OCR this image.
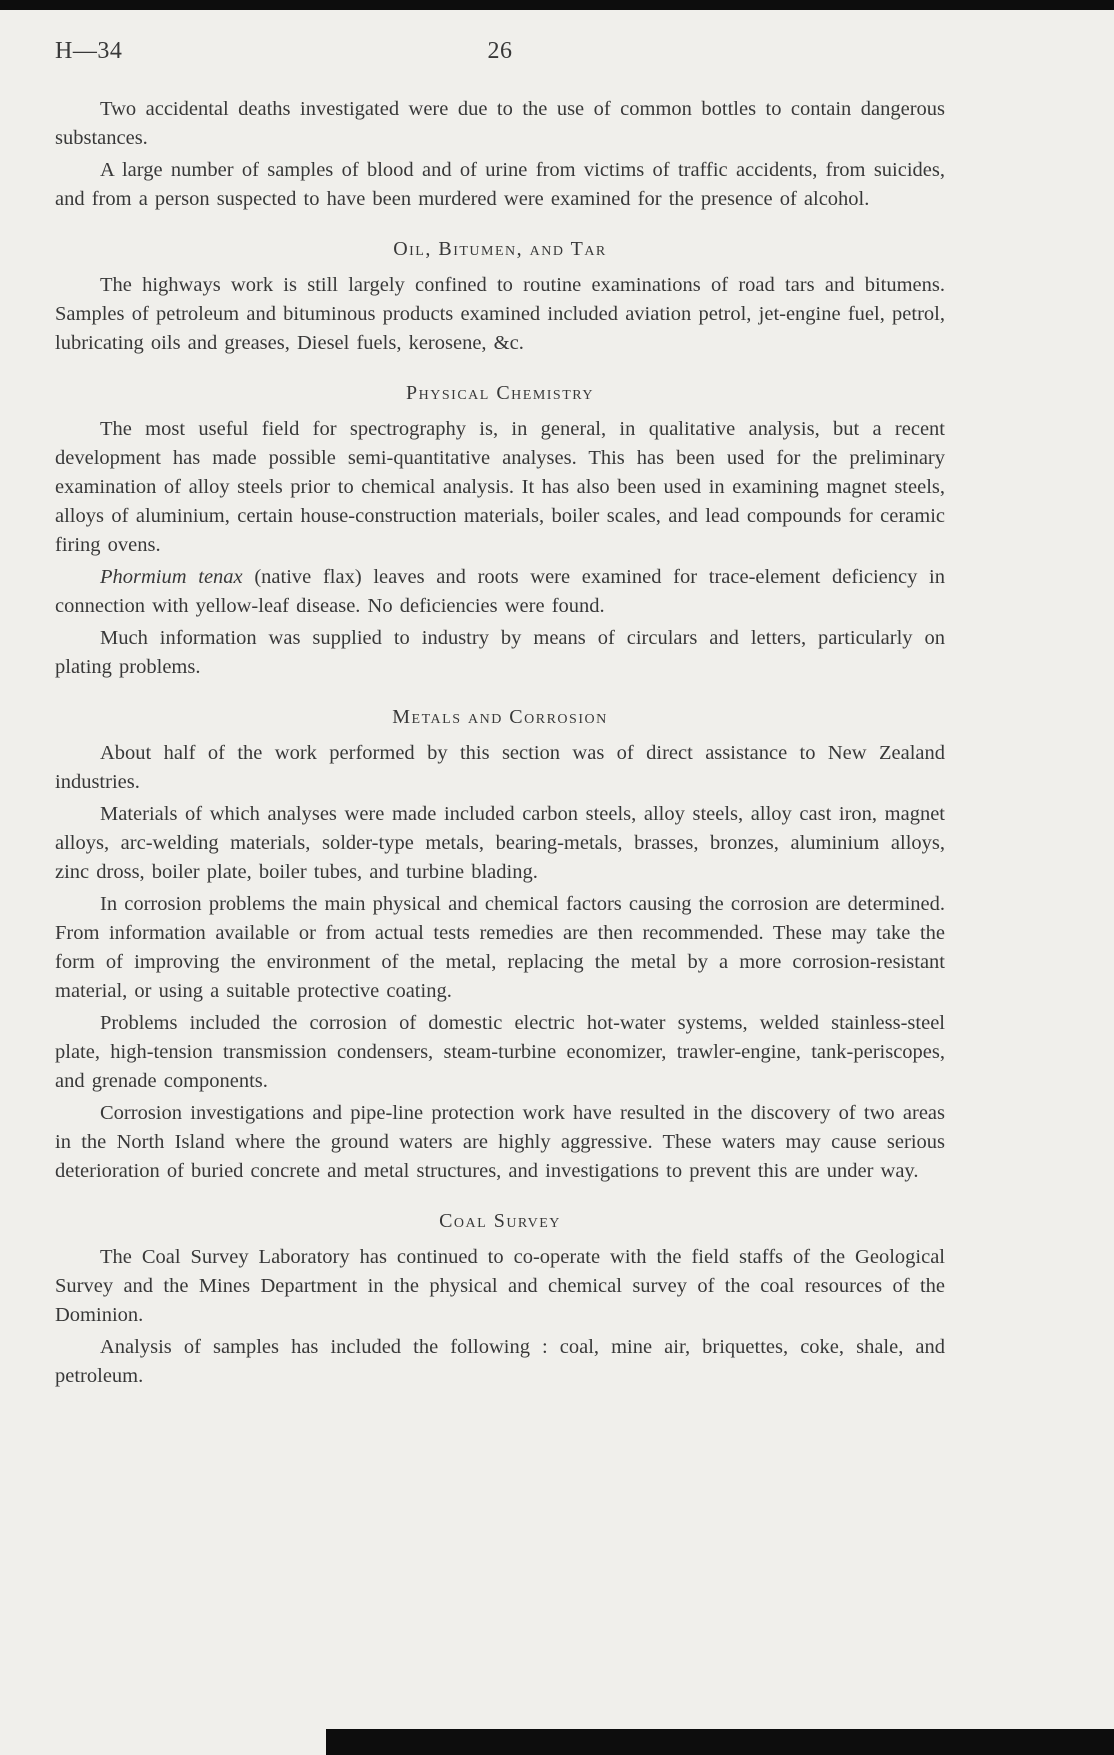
H—34	26

Two accidental deaths investigated were due to the use of common bottles to contain dangerous substances.

A large number of samples of blood and of urine from victims of traffic accidents, from suicides, and from a person suspected to have been murdered were examined for the presence of alcohol.

Oil, Bitumen, and Tar

The highways work is still largely confined to routine examinations of road tars and bitumens. Samples of petroleum and bituminous products examined included aviation petrol, jet-engine fuel, petrol, lubricating oils and greases, Diesel fuels, kerosene, &c.

Physical Chemistry

The most useful field for spectrography is, in general, in qualitative analysis, but a recent development has made possible semi-quantitative analyses. This has been used for the preliminary examination of alloy steels prior to chemical analysis. It has also been used in examining magnet steels, alloys of aluminium, certain house-construction materials, boiler scales, and lead compounds for ceramic firing ovens.

Phormium tenax (native flax) leaves and roots were examined for trace-element deficiency in connection with yellow-leaf disease. No deficiencies were found.

Much information was supplied to industry by means of circulars and letters, particularly on plating problems.

Metals and Corrosion

About half of the work performed by this section was of direct assistance to New Zealand industries.

Materials of which analyses were made included carbon steels, alloy steels, alloy cast iron, magnet alloys, arc-welding materials, solder-type metals, bearing-metals, brasses, bronzes, aluminium alloys, zinc dross, boiler plate, boiler tubes, and turbine blading.

In corrosion problems the main physical and chemical factors causing the corrosion are determined. From information available or from actual tests remedies are then recommended. These may take the form of improving the environment of the metal, replacing the metal by a more corrosion-resistant material, or using a suitable protective coating.

Problems included the corrosion of domestic electric hot-water systems, welded stainless-steel plate, high-tension transmission condensers, steam-turbine economizer, trawler-engine, tank-periscopes, and grenade components.

Corrosion investigations and pipe-line protection work have resulted in the discovery of two areas in the North Island where the ground waters are highly aggressive. These waters may cause serious deterioration of buried concrete and metal structures, and investigations to prevent this are under way.

Coal Survey

The Coal Survey Laboratory has continued to co-operate with the field staffs of the Geological Survey and the Mines Department in the physical and chemical survey of the coal resources of the Dominion.

Analysis of samples has included the following : coal, mine air, briquettes, coke, shale, and petroleum.
